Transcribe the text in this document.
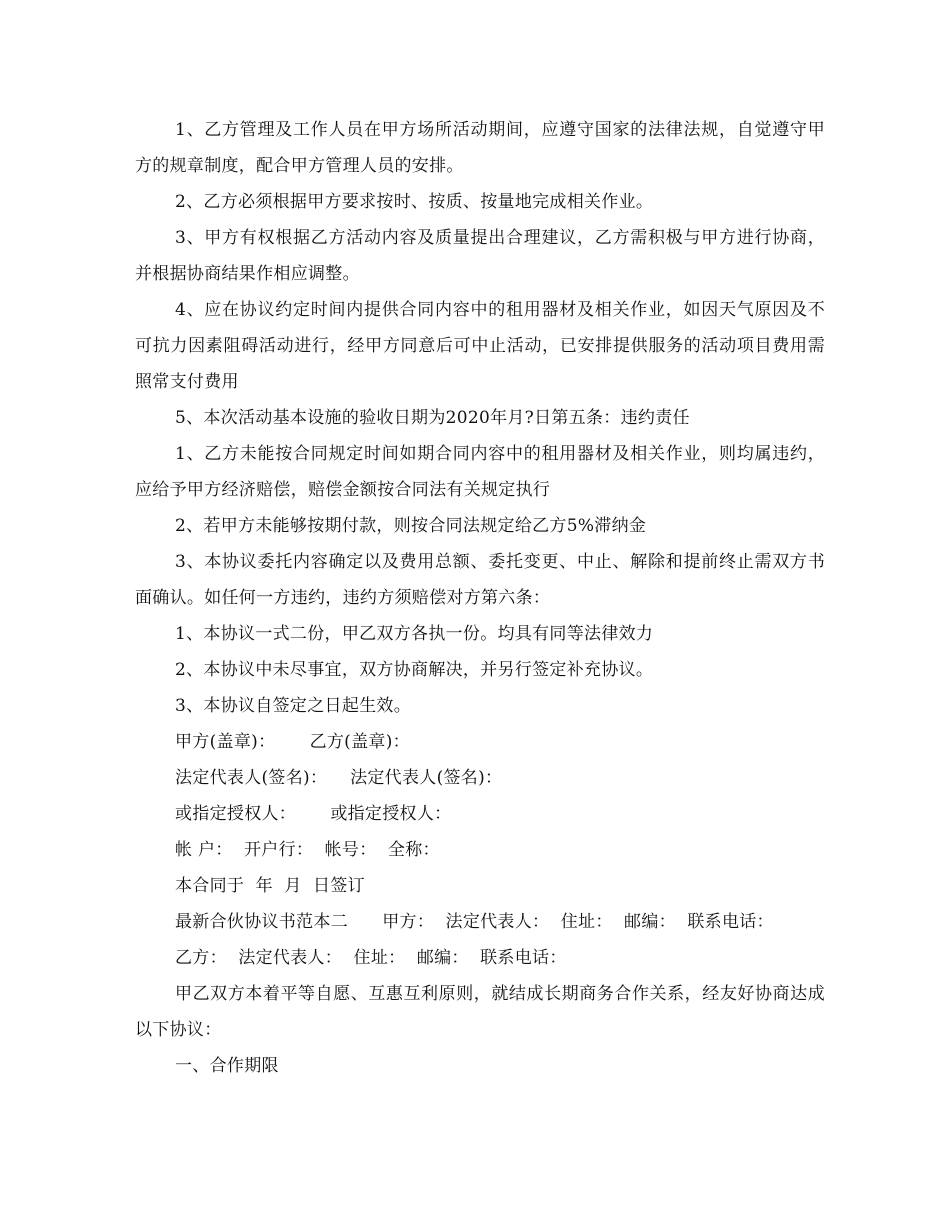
1、乙方管理及工作人员在甲方场所活动期间，应遵守国家的法律法规，自觉遵守甲方的规章制度，配合甲方管理人员的安排。

2、乙方必须根据甲方要求按时、按质、按量地完成相关作业。

3、甲方有权根据乙方活动内容及质量提出合理建议，乙方需积极与甲方进行协商，并根据协商结果作相应调整。

4、应在协议约定时间内提供合同内容中的租用器材及相关作业，如因天气原因及不可抗力因素阻碍活动进行，经甲方同意后可中止活动，已安排提供服务的活动项目费用需照常支付费用

5、本次活动基本设施的验收日期为2020年月?日第五条：违约责任

1、乙方未能按合同规定时间如期合同内容中的租用器材及相关作业，则均属违约，应给予甲方经济赔偿，赔偿金额按合同法有关规定执行

2、若甲方未能够按期付款，则按合同法规定给乙方5%滞纳金

3、本协议委托内容确定以及费用总额、委托变更、中止、解除和提前终止需双方书面确认。如任何一方违约，违约方须赔偿对方第六条：

1、本协议一式二份，甲乙双方各执一份。均具有同等法律效力

2、本协议中未尽事宜，双方协商解决，并另行签定补充协议。

3、本协议自签定之日起生效。

甲方(盖章)：      乙方(盖章)：

法定代表人(签名)：    法定代表人(签名)：

或指定授权人：      或指定授权人：

帐 户：  开户行：  帐号：  全称：

本合同于  年  月  日签订

最新合伙协议书范本二      甲方：  法定代表人：  住址：  邮编：  联系电话：

乙方：  法定代表人：  住址：  邮编：  联系电话：

甲乙双方本着平等自愿、互惠互利原则，就结成长期商务合作关系，经友好协商达成以下协议：

一、合作期限
